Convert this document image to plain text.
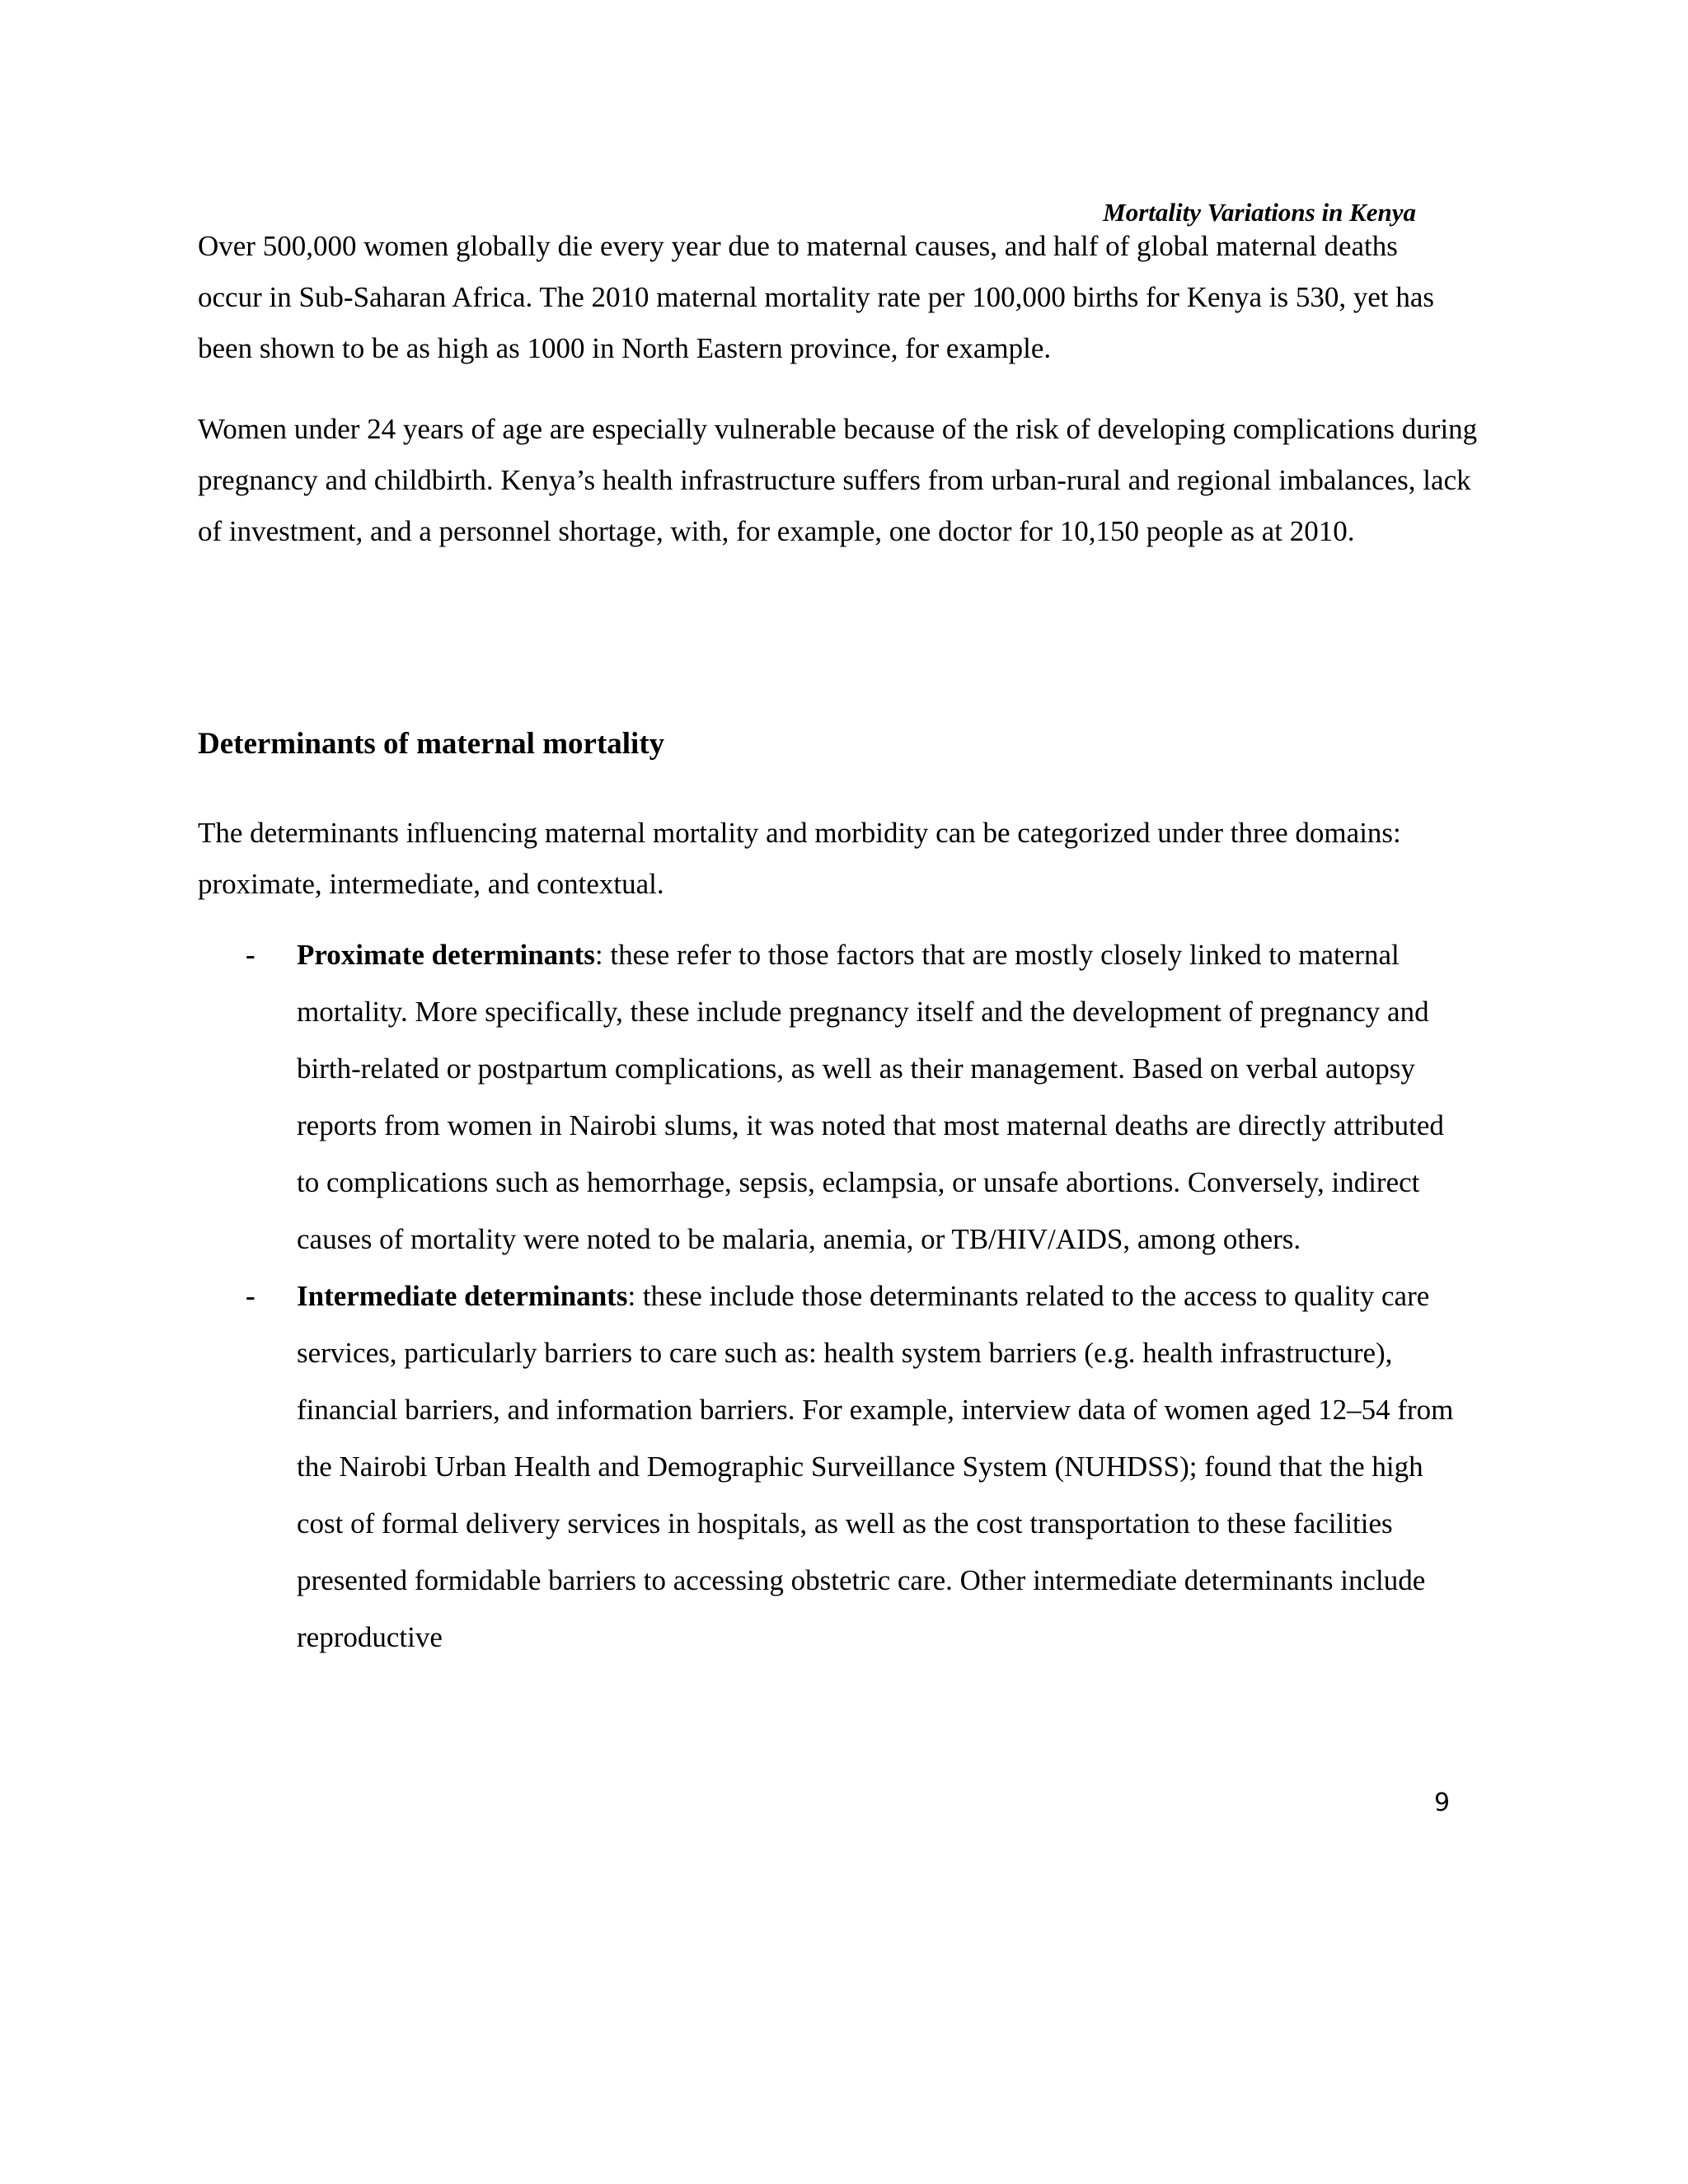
Mortality Variations in Kenya

Over 500,000 women globally die every year due to maternal causes, and half of global maternal deaths occur in Sub-Saharan Africa. The 2010 maternal mortality rate per 100,000 births for Kenya is 530, yet has been shown to be as high as 1000 in North Eastern province, for example.

Women under 24 years of age are especially vulnerable because of the risk of developing complications during pregnancy and childbirth. Kenya’s health infrastructure suffers from urban-rural and regional imbalances, lack of investment, and a personnel shortage, with, for example, one doctor for 10,150 people as at 2010.

Determinants of maternal mortality

The determinants influencing maternal mortality and morbidity can be categorized under three domains: proximate, intermediate, and contextual.

- Proximate determinants: these refer to those factors that are mostly closely linked to maternal mortality. More specifically, these include pregnancy itself and the development of pregnancy and birth-related or postpartum complications, as well as their management. Based on verbal autopsy reports from women in Nairobi slums, it was noted that most maternal deaths are directly attributed to complications such as hemorrhage, sepsis, eclampsia, or unsafe abortions. Conversely, indirect causes of mortality were noted to be malaria, anemia, or TB/HIV/AIDS, among others.
- Intermediate determinants: these include those determinants related to the access to quality care services, particularly barriers to care such as: health system barriers (e.g. health infrastructure), financial barriers, and information barriers. For example, interview data of women aged 12–54 from the Nairobi Urban Health and Demographic Surveillance System (NUHDSS); found that the high cost of formal delivery services in hospitals, as well as the cost transportation to these facilities presented formidable barriers to accessing obstetric care. Other intermediate determinants include reproductive
9
